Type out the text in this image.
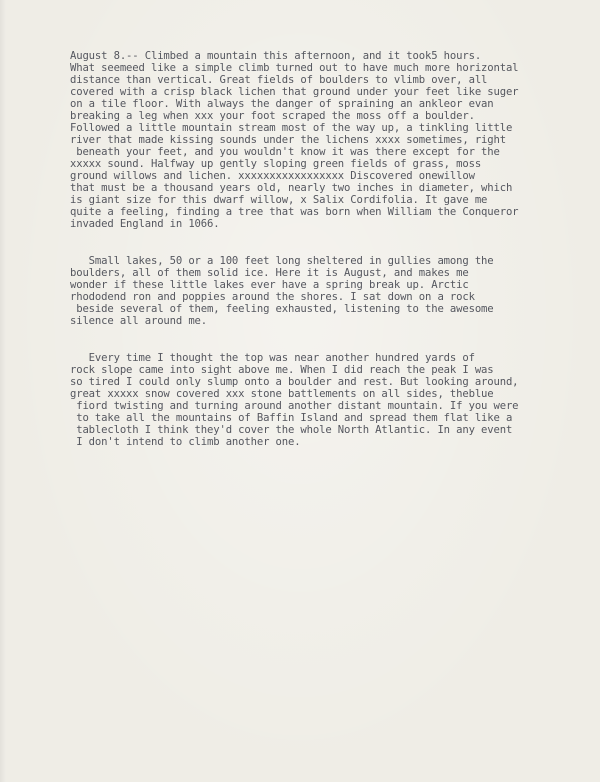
August 8.-- Climbed a mountain this afternoon, and it took5 hours.
What seemeed like a simple climb turned out to have much more horizontal
distance than vertical. Great fields of boulders to vlimb over, all
covered with a crisp black lichen that ground under your feet like suger
on a tile floor. With always the danger of spraining an ankleor evan
breaking a leg when xxx your foot scraped the moss off a boulder.
Followed a little mountain stream most of the way up, a tinkling little
river that made kissing sounds under the lichens xxxx sometimes, right
beneath your feet, and you wouldn't know it was there except for the
xxxxx sound. Halfway up gently sloping green fields of grass, moss
ground willows and lichen. xxxxxxxxxxxxxxxxx Discovered onewillow
that must be a thousand years old, nearly two inches in diameter, which
is giant size for this dwarf willow, x Salix Cordifolia. It gave me
quite a feeling, finding a tree that was born when William the Conqueror
invaded England in 1066.

Small lakes, 50 or a 100 feet long sheltered in gullies among the
boulders, all of them solid ice. Here it is August, and makes me
wonder if these little lakes ever have a spring break up. Arctic
rhododend ron and poppies around the shores. I sat down on a rock
beside several of them, feeling exhausted, listening to the awesome
silence all around me.

Every time I thought the top was near another hundred yards of
rock slope came into sight above me. When I did reach the peak I was
so tired I could only slump onto a boulder and rest. But looking around,
great xxxxx snow covered xxx stone battlements on all sides, theblue
fiord twisting and turning around another distant mountain. If you were
to take all the mountains of Baffin Island and spread them flat like a
tablecloth I think they'd cover the whole North Atlantic. In any event
I don't intend to climb another one.
